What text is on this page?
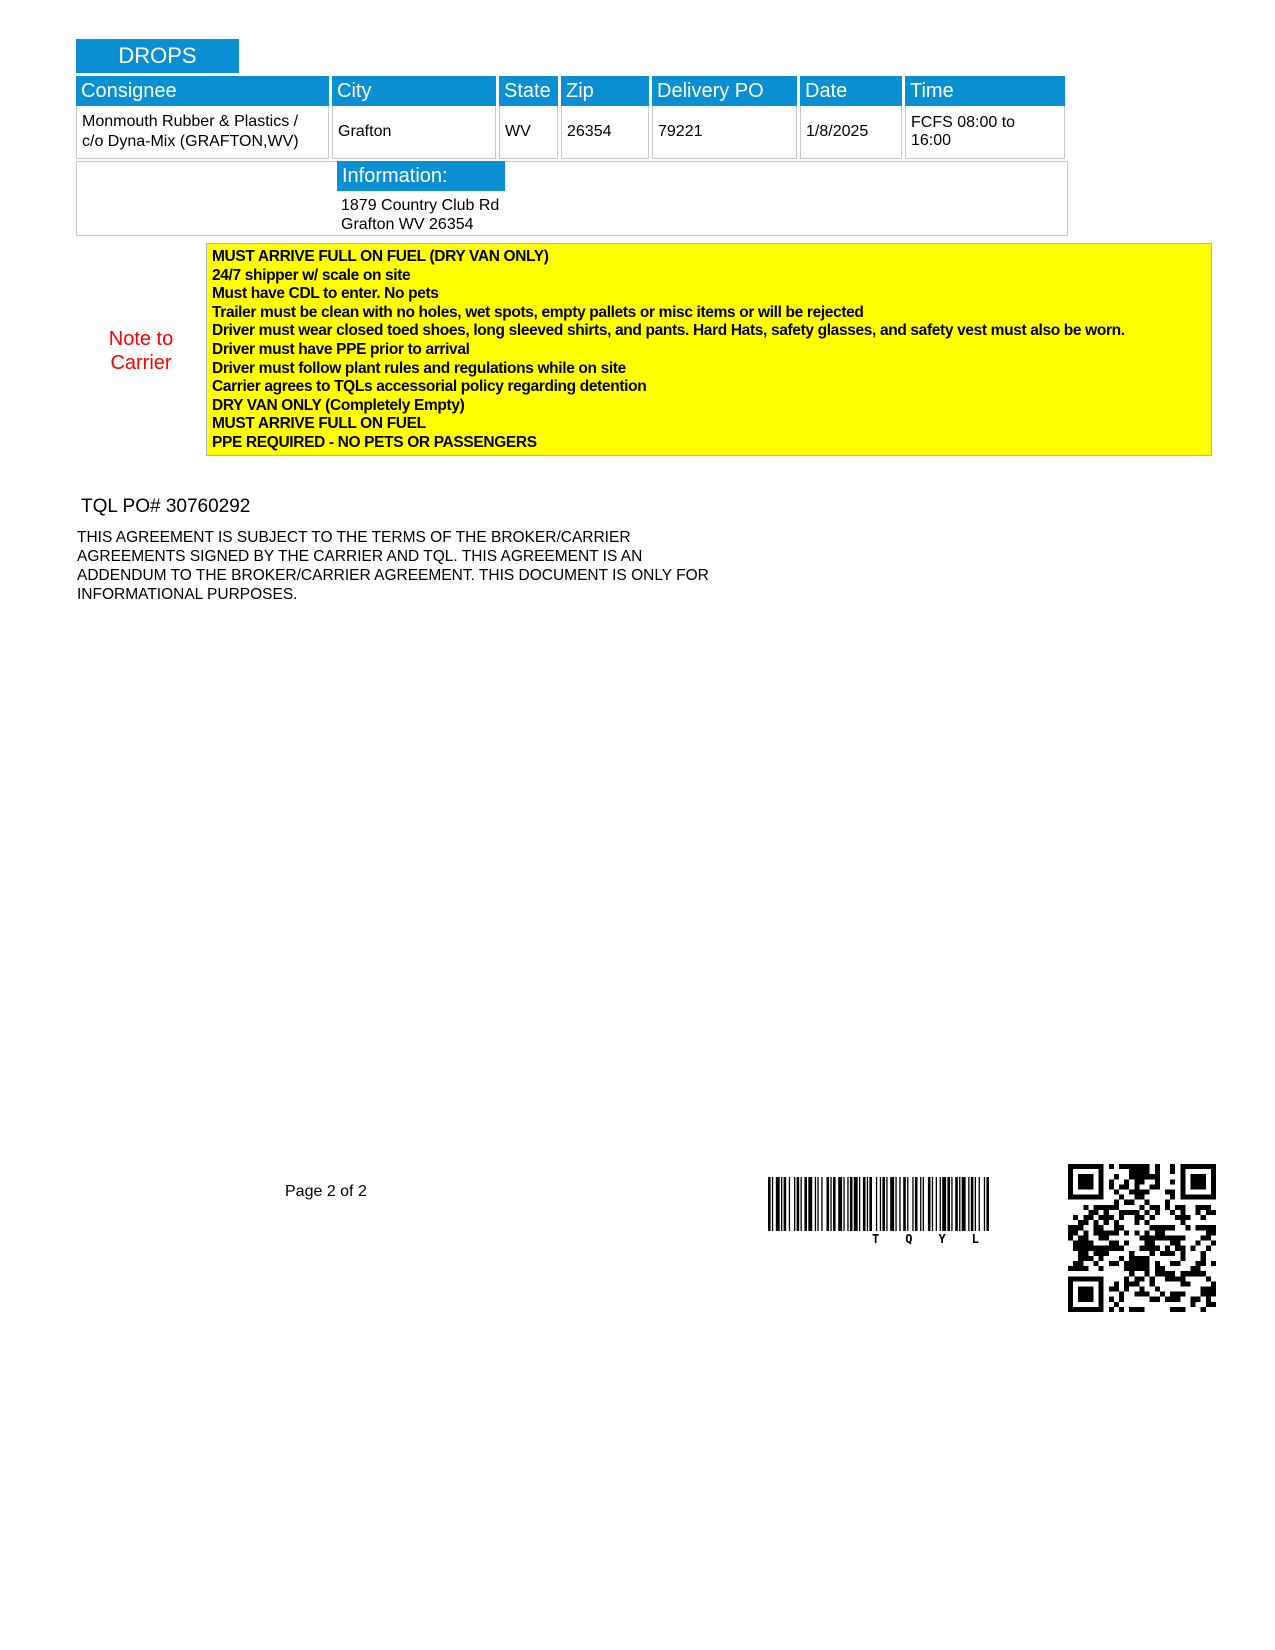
DROPS
Consignee	City	State	Zip	Delivery PO	Date	Time
Monmouth Rubber & Plastics / c/o Dyna-Mix (GRAFTON,WV)	Grafton	WV	26354	79221	1/8/2025	FCFS 08:00 to 16:00
Information:
1879 Country Club Rd
Grafton WV 26354
Note to
Carrier
MUST ARRIVE FULL ON FUEL (DRY VAN ONLY)
24/7 shipper w/ scale on site
Must have CDL to enter. No pets
Trailer must be clean with no holes, wet spots, empty pallets or misc items or will be rejected
Driver must wear closed toed shoes, long sleeved shirts, and pants. Hard Hats, safety glasses, and safety vest must also be worn.
Driver must have PPE prior to arrival
Driver must follow plant rules and regulations while on site
Carrier agrees to TQLs accessorial policy regarding detention
DRY VAN ONLY (Completely Empty)
MUST ARRIVE FULL ON FUEL
PPE REQUIRED - NO PETS OR PASSENGERS
TQL PO# 30760292
THIS AGREEMENT IS SUBJECT TO THE TERMS OF THE BROKER/CARRIER
AGREEMENTS SIGNED BY THE CARRIER AND TQL. THIS AGREEMENT IS AN
ADDENDUM TO THE BROKER/CARRIER AGREEMENT. THIS DOCUMENT IS ONLY FOR
INFORMATIONAL PURPOSES.
Page 2 of 2
TQYL
